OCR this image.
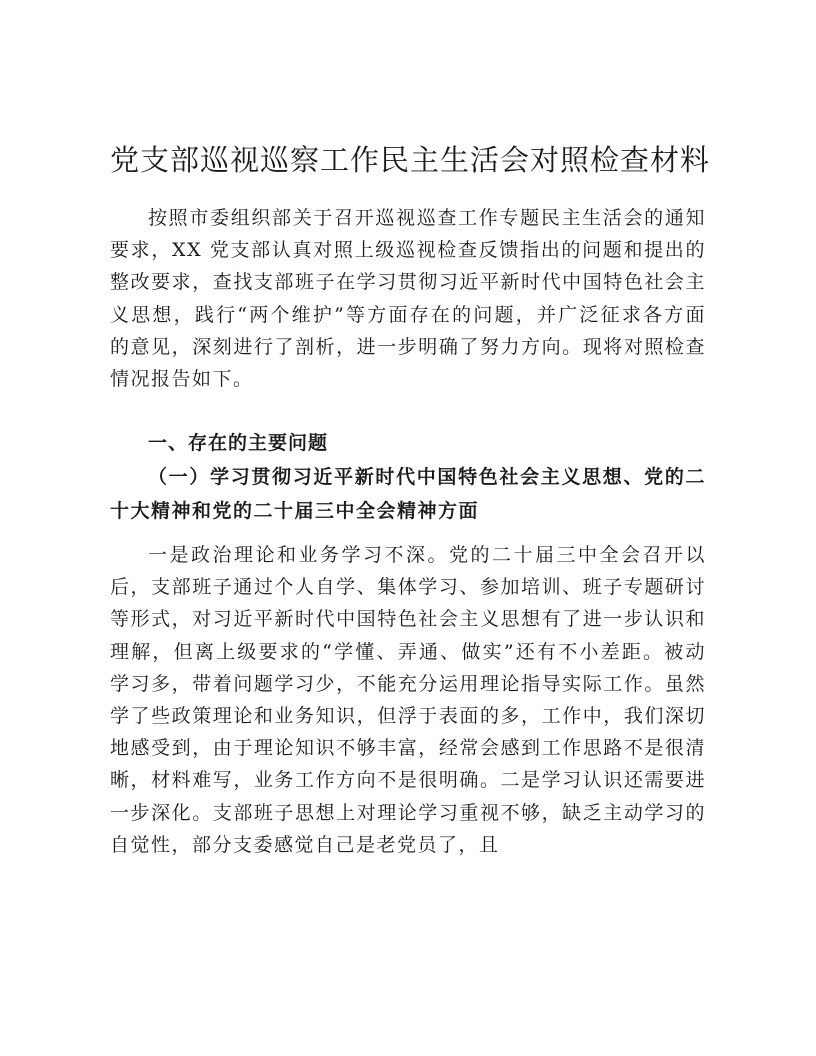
党支部巡视巡察工作民主生活会对照检查材料

按照市委组织部关于召开巡视巡查工作专题民主生活会的通知要求，XX 党支部认真对照上级巡视检查反馈指出的问题和提出的整改要求，查找支部班子在学习贯彻习近平新时代中国特色社会主义思想，践行“两个维护”等方面存在的问题，并广泛征求各方面的意见，深刻进行了剖析，进一步明确了努力方向。现将对照检查情况报告如下。

一、存在的主要问题

（一）学习贯彻习近平新时代中国特色社会主义思想、党的二十大精神和党的二十届三中全会精神方面

一是政治理论和业务学习不深。党的二十届三中全会召开以后，支部班子通过个人自学、集体学习、参加培训、班子专题研讨等形式，对习近平新时代中国特色社会主义思想有了进一步认识和理解，但离上级要求的“学懂、弄通、做实”还有不小差距。被动学习多，带着问题学习少，不能充分运用理论指导实际工作。虽然学了些政策理论和业务知识，但浮于表面的多，工作中，我们深切地感受到，由于理论知识不够丰富，经常会感到工作思路不是很清晰，材料难写，业务工作方向不是很明确。二是学习认识还需要进一步深化。支部班子思想上对理论学习重视不够，缺乏主动学习的自觉性，部分支委感觉自己是老党员了，且
